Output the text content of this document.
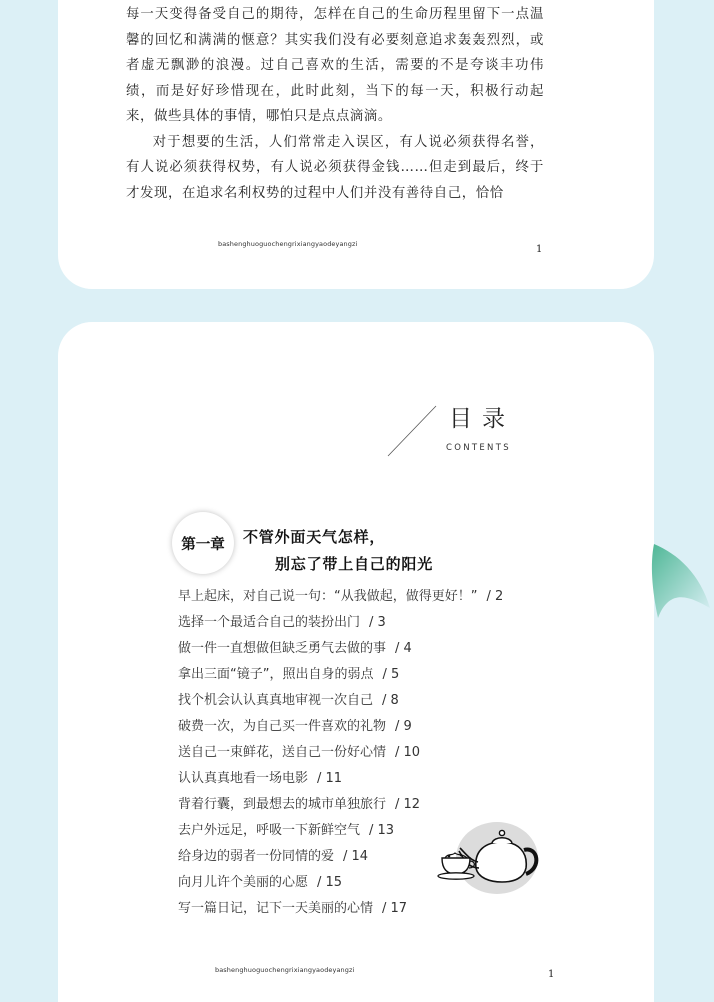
每一天变得备受自己的期待，怎样在自己的生命历程里留下一点温馨的回忆和满满的惬意？其实我们没有必要刻意追求轰轰烈烈，或者虚无飘渺的浪漫。过自己喜欢的生活，需要的不是夸谈丰功伟绩，而是好好珍惜现在，此时此刻，当下的每一天，积极行动起来，做些具体的事情，哪怕只是点点滴滴。

对于想要的生活，人们常常走入误区，有人说必须获得名誉，有人说必须获得权势，有人说必须获得金钱……但走到最后，终于才发现，在追求名利权势的过程中人们并没有善待自己，恰恰

bashenghuoguochengrixiangyaodeyangzi	1
目录
CONTENTS
第一章 不管外面天气怎样，
别忘了带上自己的阳光
早上起床，对自己说一句：“从我做起，做得更好！” / 2
选择一个最适合自己的装扮出门 / 3
做一件一直想做但缺乏勇气去做的事 / 4
拿出三面“镜子”，照出自身的弱点 / 5
找个机会认认真真地审视一次自己 / 8
破费一次，为自己买一件喜欢的礼物 / 9
送自己一束鲜花，送自己一份好心情 / 10
认认真真地看一场电影 / 11
背着行囊，到最想去的城市单独旅行 / 12
去户外远足，呼吸一下新鲜空气 / 13
给身边的弱者一份同情的爱 / 14
向月儿许个美丽的心愿 / 15
写一篇日记，记下一天美丽的心情 / 17
bashenghuoguochengrixiangyaodeyangzi	1
